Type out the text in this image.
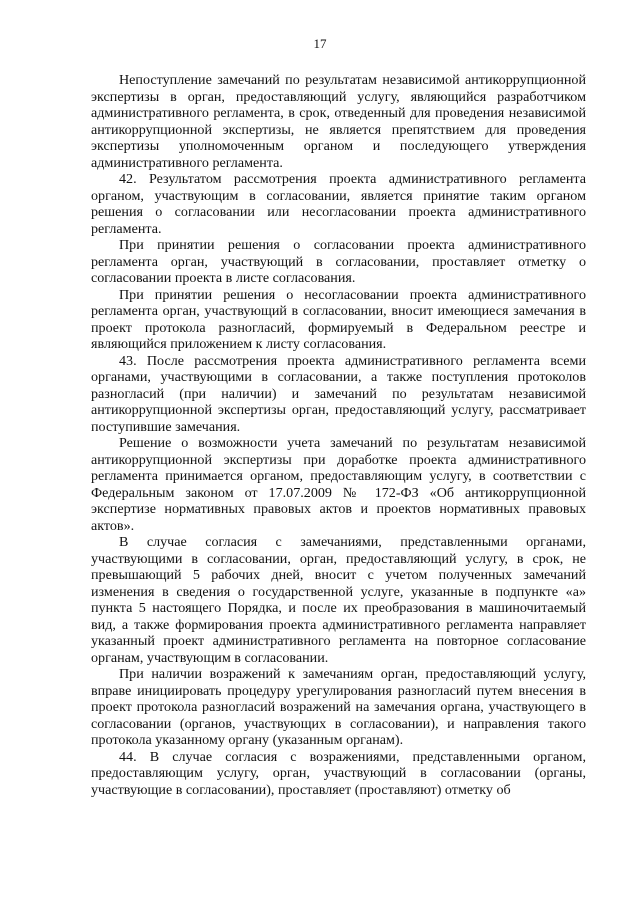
17

Непоступление замечаний по результатам независимой антикоррупционной экспертизы в орган, предоставляющий услугу, являющийся разработчиком административного регламента, в срок, отведенный для проведения независимой антикоррупционной экспертизы, не является препятствием для проведения экспертизы уполномоченным органом и последующего утверждения административного регламента.

42. Результатом рассмотрения проекта административного регламента органом, участвующим в согласовании, является принятие таким органом решения о согласовании или несогласовании проекта административного регламента.

При принятии решения о согласовании проекта административного регламента орган, участвующий в согласовании, проставляет отметку о согласовании проекта в листе согласования.

При принятии решения о несогласовании проекта административного регламента орган, участвующий в согласовании, вносит имеющиеся замечания в проект протокола разногласий, формируемый в Федеральном реестре и являющийся приложением к листу согласования.

43. После рассмотрения проекта административного регламента всеми органами, участвующими в согласовании, а также поступления протоколов разногласий (при наличии) и замечаний по результатам независимой антикоррупционной экспертизы орган, предоставляющий услугу, рассматривает поступившие замечания.

Решение о возможности учета замечаний по результатам независимой антикоррупционной экспертизы при доработке проекта административного регламента принимается органом, предоставляющим услугу, в соответствии с Федеральным законом от 17.07.2009 № 172-ФЗ «Об антикоррупционной экспертизе нормативных правовых актов и проектов нормативных правовых актов».

В случае согласия с замечаниями, представленными органами, участвующими в согласовании, орган, предоставляющий услугу, в срок, не превышающий 5 рабочих дней, вносит с учетом полученных замечаний изменения в сведения о государственной услуге, указанные в подпункте «а» пункта 5 настоящего Порядка, и после их преобразования в машиночитаемый вид, а также формирования проекта административного регламента направляет указанный проект административного регламента на повторное согласование органам, участвующим в согласовании.

При наличии возражений к замечаниям орган, предоставляющий услугу, вправе инициировать процедуру урегулирования разногласий путем внесения в проект протокола разногласий возражений на замечания органа, участвующего в согласовании (органов, участвующих в согласовании), и направления такого протокола указанному органу (указанным органам).

44. В случае согласия с возражениями, представленными органом, предоставляющим услугу, орган, участвующий в согласовании (органы, участвующие в согласовании), проставляет (проставляют) отметку об
